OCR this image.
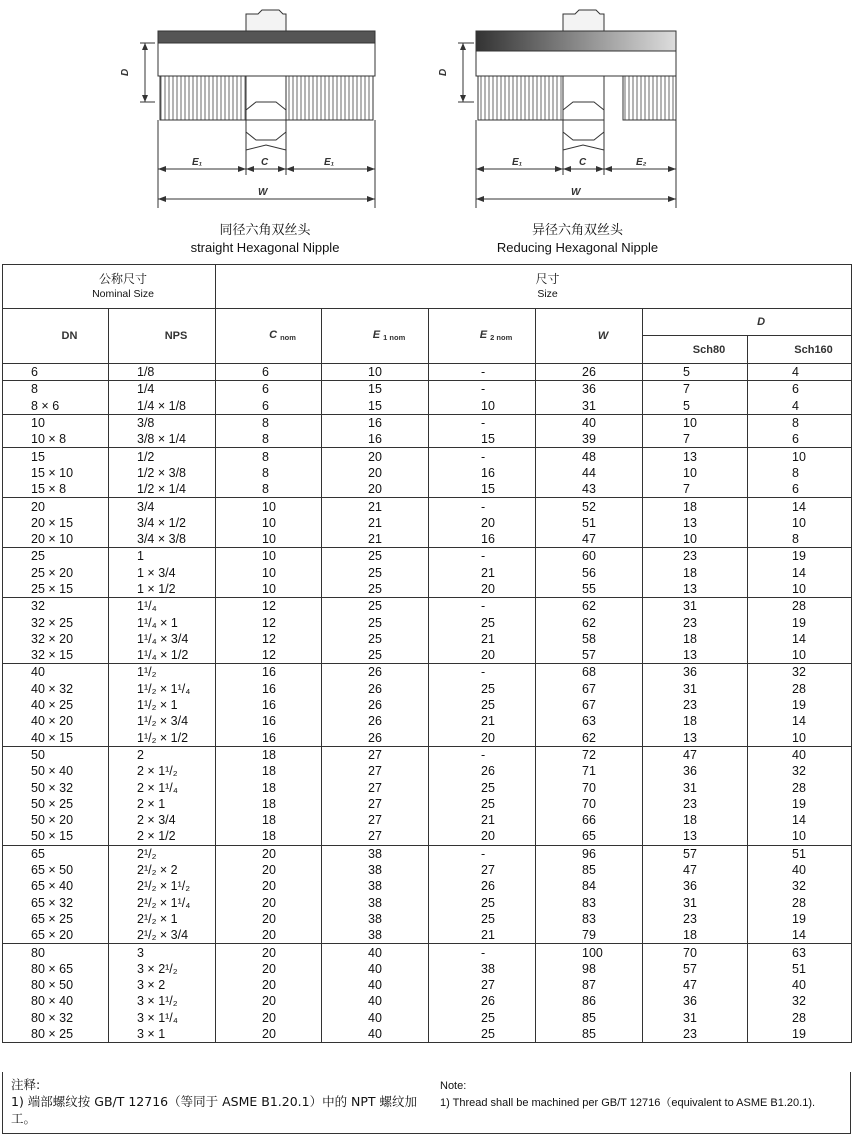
D
E₁	C	E₁
W
D
E₁	C	E₂
W
同径六角双丝头
straight Hexagonal Nipple
异径六角双丝头
Reducing Hexagonal Nipple
公称尺寸
Nominal Size		尺寸
Size					

DN	NPS	C $_{nom}$	E $_{1 nom}$	E $_{2 nom}$	W	D	
						Sch80	Sch160
6	1/8	6	10	-	26	5	4
8	1/4	6	15	-	36	7	6
8 × 6	1/4 × 1/8	6	15	10	31	5	4
10	3/8	8	16	-	40	10	8
10 × 8	3/8 × 1/4	8	16	15	39	7	6
15	1/2	8	20	-	48	13	10
15 × 10	1/2 × 3/8	8	20	16	44	10	8
15 × 8	1/2 × 1/4	8	20	15	43	7	6
20	3/4	10	21	-	52	18	14
20 × 15	3/4 × 1/2	10	21	20	51	13	10
20 × 10	3/4 × 3/8	10	21	16	47	10	8
25	1	10	25	-	60	23	19
25 × 20	1 × 3/4	10	25	21	56	18	14
25 × 15	1 × 1/2	10	25	20	55	13	10
32	1¹/₄	12	25	-	62	31	28
32 × 25	1¹/₄ × 1	12	25	25	62	23	19
32 × 20	1¹/₄ × 3/4	12	25	21	58	18	14
32 × 15	1¹/₄ × 1/2	12	25	20	57	13	10
40	1¹/₂	16	26	-	68	36	32
40 × 32	1¹/₂ × 1¹/₄	16	26	25	67	31	28
40 × 25	1¹/₂ × 1	16	26	25	67	23	19
40 × 20	1¹/₂ × 3/4	16	26	21	63	18	14
40 × 15	1¹/₂ × 1/2	16	26	20	62	13	10
50	2	18	27	-	72	47	40
50 × 40	2 × 1¹/₂	18	27	26	71	36	32
50 × 32	2 × 1¹/₄	18	27	25	70	31	28
50 × 25	2 × 1	18	27	25	70	23	19
50 × 20	2 × 3/4	18	27	21	66	18	14
50 × 15	2 × 1/2	18	27	20	65	13	10
65	2¹/₂	20	38	-	96	57	51
65 × 50	2¹/₂ × 2	20	38	27	85	47	40
65 × 40	2¹/₂ × 1¹/₂	20	38	26	84	36	32
65 × 32	2¹/₂ × 1¹/₄	20	38	25	83	31	28
65 × 25	2¹/₂ × 1	20	38	25	83	23	19
65 × 20	2¹/₂ × 3/4	20	38	21	79	18	14
80	3	20	40	-	100	70	63
80 × 65	3 × 2¹/₂	20	40	38	98	57	51
80 × 50	3 × 2	20	40	27	87	47	40
80 × 40	3 × 1¹/₂	20	40	26	86	36	32
80 × 32	3 × 1¹/₄	20	40	25	85	31	28
80 × 25	3 × 1	20	40	25	85	23	19
注释:
1) 端部螺纹按 GB/T 12716（等同于 ASME B1.20.1）中的 NPT 螺纹加工。
Note:
1) Thread shall be machined per GB/T 12716（equivalent to ASME B1.20.1).
